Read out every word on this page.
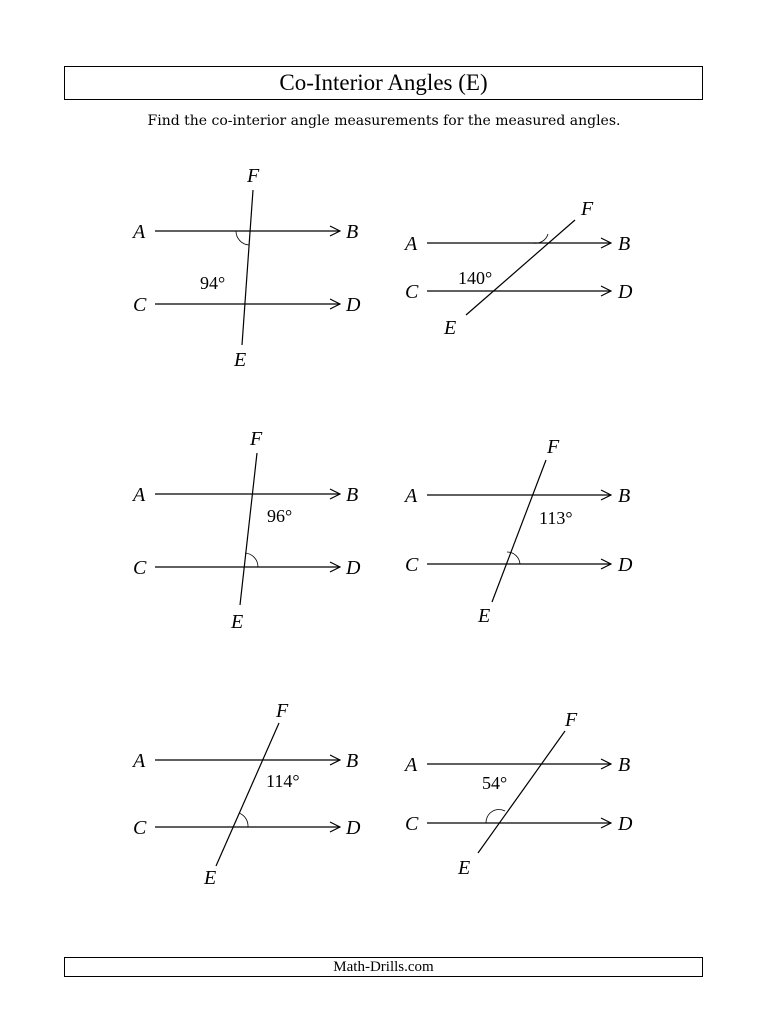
Co-Interior Angles (E)
Find the co-interior angle measurements for the measured angles.
A	B
C	D
E
F
94°
A	B
C	D
E
F
140°
A	B
C	D
E
F
96°
A	B
C	D
E
F
113°
A	B
C	D
E
F
114°
A	B
C	D
E
F
54°
Math-Drills.com
